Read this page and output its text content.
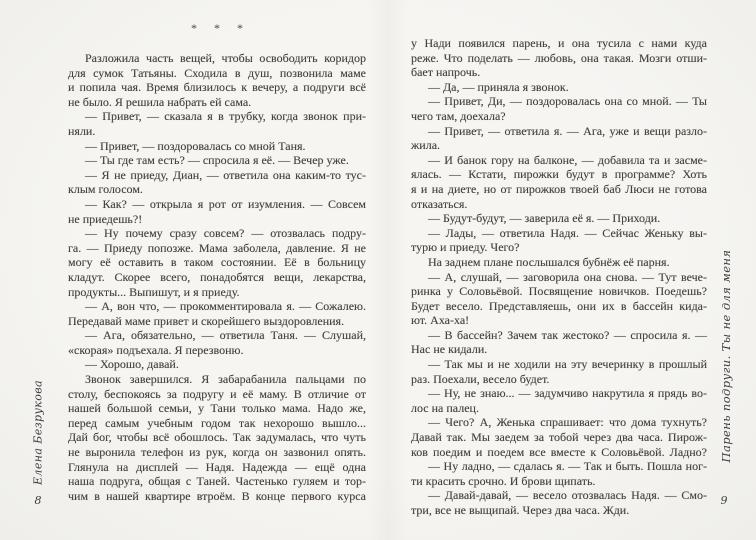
* * *
Разложила часть вещей, чтобы освободить коридор
для сумок Татьяны. Сходила в душ, позвонила маме
и попила чая. Время близилось к вечеру, а подруги всё
не было. Я решила набрать ей сама.
— Привет, — сказала я в трубку, когда звонок при-
няли.
— Привет, — поздоровалась со мной Таня.
— Ты где там есть? — спросила я её. — Вечер уже.
— Я не приеду, Диан, — ответила она каким-то тус-
клым голосом.
— Как? — открыла я рот от изумления. — Совсем
не приедешь?!
— Ну почему сразу совсем? — отозвалась подру-
га. — Приеду попозже. Мама заболела, давление. Я не
могу её оставить в таком состоянии. Её в больницу
кладут. Скорее всего, понадобятся вещи, лекарства,
продукты... Выпишут, и я приеду.
— А, вон что, — прокомментировала я. — Сожалею.
Передавай маме привет и скорейшего выздоровления.
— Ага, обязательно, — ответила Таня. — Слушай,
«скорая» подъехала. Я перезвоню.
— Хорошо, давай.
Звонок завершился. Я забарабанила пальцами по
столу, беспокоясь за подругу и её маму. В отличие от
нашей большой семьи, у Тани только мама. Надо же,
перед самым учебным годом так нехорошо вышло...
Дай бог, чтобы всё обошлось. Так задумалась, что чуть
не выронила телефон из рук, когда он зазвонил опять.
Глянула на дисплей — Надя. Надежда — ещё одна
наша подруга, общая с Таней. Частенько гуляем и тор-
чим в нашей квартире втроём. В конце первого курса
Елена Безрукова
8
у Нади появился парень, и она тусила с нами куда
реже. Что поделать — любовь, она такая. Мозги отши-
бает напрочь.
— Да, — приняла я звонок.
— Привет, Ди, — поздоровалась она со мной. — Ты
чего там, доехала?
— Привет, — ответила я. — Ага, уже и вещи разло-
жила.
— И банок гору на балконе, — добавила та и засме-
ялась. — Кстати, пирожки будут в программе? Хоть
я и на диете, но от пирожков твоей баб Люси не готова
отказаться.
— Будут-будут, — заверила её я. — Приходи.
— Лады, — ответила Надя. — Сейчас Женьку вы-
турю и приеду. Чего?
На заднем плане послышался бубнёж её парня.
— А, слушай, — заговорила она снова. — Тут вече-
ринка у Соловьёвой. Посвящение новичков. Поедешь?
Будет весело. Представляешь, они их в бассейн кида-
ют. Аха-ха!
— В бассейн? Зачем так жестоко? — спросила я. —
Нас не кидали.
— Так мы и не ходили на эту вечеринку в прошлый
раз. Поехали, весело будет.
— Ну, не знаю... — задумчиво накрутила я прядь во-
лос на палец.
— Чего? А, Женька спрашивает: что дома тухнуть?
Давай так. Мы заедем за тобой через два часа. Пирож-
ков поедим и поедем все вместе к Соловьёвой. Ладно?
— Ну ладно, — сдалась я. — Так и быть. Пошла ног-
ти красить срочно. И брови щипать.
— Давай-давай, — весело отозвалась Надя. — Смо-
три, все не выщипай. Через два часа. Жди.
Парень подруги. Ты не для меня
9
